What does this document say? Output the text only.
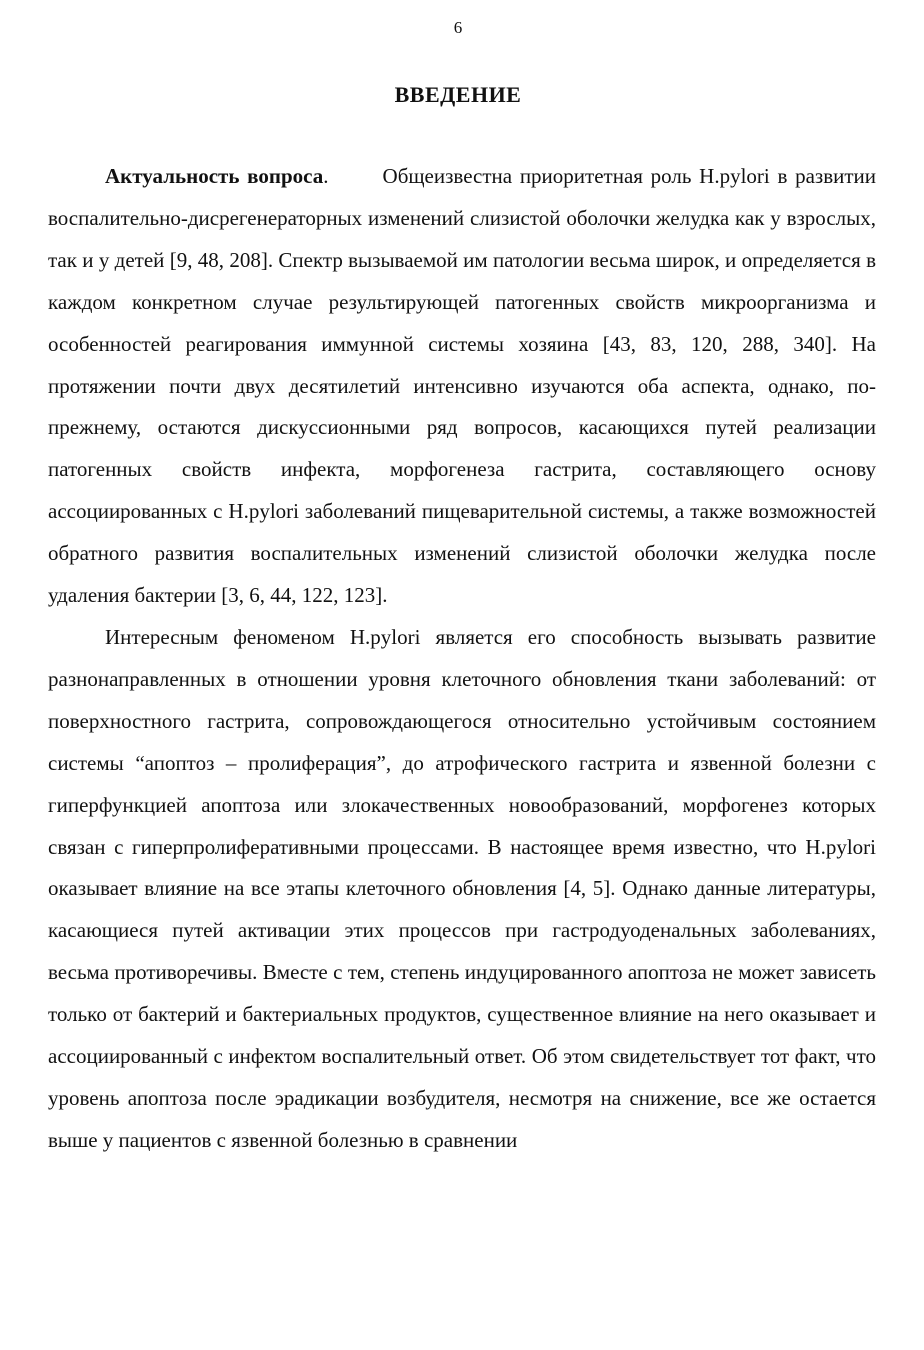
6
ВВЕДЕНИЕ

Актуальность вопроса.	Общеизвестна приоритетная роль H.pylori в развитии воспалительно-дисрегенераторных изменений слизистой оболочки желудка как у взрослых, так и у детей [9, 48, 208]. Спектр вызываемой им патологии весьма широк, и определяется в каждом конкретном случае результирующей патогенных свойств микроорганизма и особенностей реагирования иммунной системы хозяина [43, 83, 120, 288, 340]. На протяжении почти двух десятилетий интенсивно изучаются оба аспекта, однако, по-прежнему, остаются дискуссионными ряд вопросов, касающихся путей реализации патогенных свойств инфекта, морфогенеза гастрита, составляющего основу ассоциированных с H.pylori заболеваний пищеварительной системы, а также возможностей обратного развития воспалительных изменений слизистой оболочки желудка после удаления бактерии [3, 6, 44, 122, 123].

Интересным феноменом H.pylori является его способность вызывать развитие разнонаправленных в отношении уровня клеточного обновления ткани заболеваний: от поверхностного гастрита, сопровождающегося относительно устойчивым состоянием системы “апоптоз – пролиферация”, до атрофического гастрита и язвенной болезни с гиперфункцией апоптоза или злокачественных новообразований, морфогенез которых связан с гиперпролиферативными процессами. В настоящее время известно, что H.pylori оказывает влияние на все этапы клеточного обновления [4, 5]. Однако данные литературы, касающиеся путей активации этих процессов при гастродуоденальных заболеваниях, весьма противоречивы. Вместе с тем, степень индуцированного апоптоза не может зависеть только от бактерий и бактериальных продуктов, существенное влияние на него оказывает и ассоциированный с инфектом воспалительный ответ. Об этом свидетельствует тот факт, что уровень апоптоза после эрадикации возбудителя, несмотря на снижение, все же остается выше у пациентов с язвенной болезнью в сравнении
